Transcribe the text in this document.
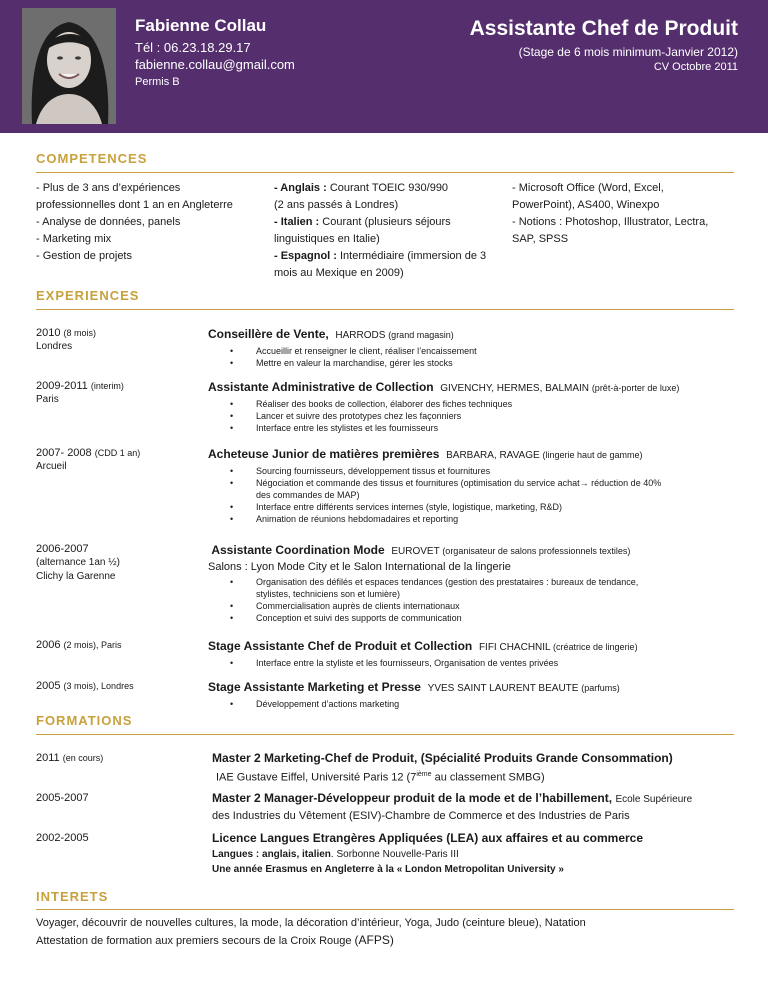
Fabienne Collau
Tél : 06.23.18.29.17
fabienne.collau@gmail.com
Permis B
Assistante Chef de Produit
(Stage de 6 mois minimum-Janvier 2012)
CV Octobre 2011
COMPETENCES
- Plus de 3 ans d’expériences
professionnelles dont 1 an en Angleterre
- Analyse de données, panels
- Marketing mix
- Gestion de projets
- Anglais : Courant TOEIC 930/990
(2 ans passés à Londres)
- Italien : Courant (plusieurs séjours
linguistiques en Italie)
- Espagnol : Intermédiaire (immersion de 3
mois au Mexique en 2009)
- Microsoft Office (Word, Excel,
PowerPoint), AS400, Winexpo
- Notions : Photoshop, Illustrator, Lectra,
SAP, SPSS
EXPERIENCES
2010 (8 mois)
Londres
Conseillère de Vente, HARRODS (grand magasin)
•	Accueillir et renseigner le client, réaliser l’encaissement
•	Mettre en valeur la marchandise, gérer les stocks
2009-2011 (interim)
Paris
Assistante Administrative de Collection GIVENCHY, HERMES, BALMAIN (prêt-à-porter de luxe)
•	Réaliser des books de collection, élaborer des fiches techniques
•	Lancer et suivre des prototypes chez les façonniers
•	Interface entre les stylistes et les fournisseurs
2007- 2008 (CDD 1 an)
Arcueil
Acheteuse Junior de matières premières BARBARA, RAVAGE (lingerie haut de gamme)
•	Sourcing fournisseurs, développement tissus et fournitures
•	Négociation et commande des tissus et fournitures (optimisation du service achat→ réduction de 40%
des commandes de MAP)
•	Interface entre différents services internes (style, logistique, marketing, R&D)
•	Animation de réunions hebdomadaires et reporting
2006-2007
(alternance 1an ½)
Clichy la Garenne
Assistante Coordination Mode EUROVET (organisateur de salons professionnels textiles)
Salons : Lyon Mode City et le Salon International de la lingerie
•	Organisation des défilés et espaces tendances (gestion des prestataires : bureaux de tendance,
stylistes, techniciens son et lumière)
•	Commercialisation auprès de clients internationaux
•	Conception et suivi des supports de communication
2006 (2 mois), Paris	Stage Assistante Chef de Produit et Collection FIFI CHACHNIL (créatrice de lingerie)
•	Interface entre la styliste et les fournisseurs, Organisation de ventes privées
2005 (3 mois), Londres	Stage Assistante Marketing et Presse YVES SAINT LAURENT BEAUTE (parfums)
•	Développement d’actions marketing
FORMATIONS
2011 (en cours)	Master 2 Marketing-Chef de Produit, (Spécialité Produits Grande Consommation)
IAE Gustave Eiffel, Université Paris 12 (7ième au classement SMBG)
2005-2007	Master 2 Manager-Développeur produit de la mode et de l’habillement, Ecole Supérieure
des Industries du Vêtement (ESIV)-Chambre de Commerce et des Industries de Paris
2002-2005	Licence Langues Etrangères Appliquées (LEA) aux affaires et au commerce
Langues : anglais, italien. Sorbonne Nouvelle-Paris III
Une année Erasmus en Angleterre à la « London Metropolitan University »
INTERETS
Voyager, découvrir de nouvelles cultures, la mode, la décoration d’intérieur, Yoga, Judo (ceinture bleue), Natation
Attestation de formation aux premiers secours de la Croix Rouge (AFPS)
